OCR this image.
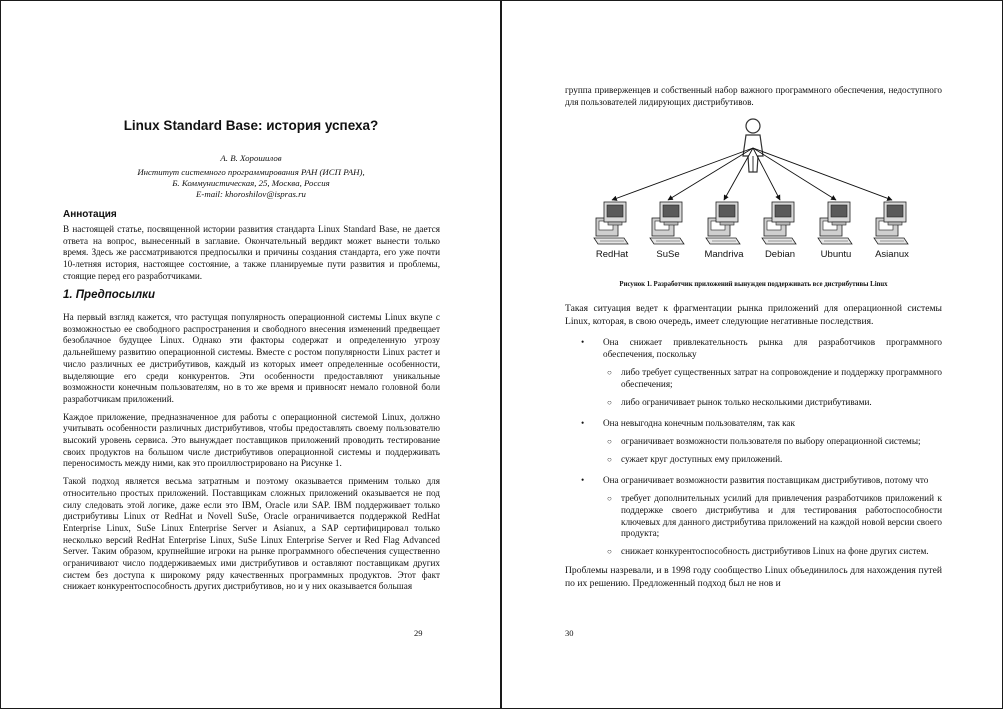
Linux Standard Base: история успеха?
А. В. Хорошилов
Институт системного программирования РАН (ИСП РАН),
Б. Коммунистическая, 25, Москва, Россия
E-mail: khoroshilov@ispras.ru
Аннотация
В настоящей статье, посвященной истории развития стандарта Linux Standard Base, не дается ответа на вопрос, вынесенный в заглавие. Окончательный вердикт может вынести только время. Здесь же рассматриваются предпосылки и причины создания стандарта, его уже почти 10-летняя история, настоящее состояние, а также планируемые пути развития и проблемы, стоящие перед его разработчиками.
1. Предпосылки

На первый взгляд кажется, что растущая популярность операционной системы Linux вкупе с возможностью ее свободного распространения и свободного внесения изменений предвещает безоблачное будущее Linux. Однако эти факторы содержат и определенную угрозу дальнейшему развитию операционной системы. Вместе с ростом популярности Linux растет и число различных ее дистрибутивов, каждый из которых имеет определенные особенности, выделяющие его среди конкурентов. Эти особенности предоставляют уникальные возможности конечным пользователям, но в то же время и привносят немало головной боли разработчикам приложений.

Каждое приложение, предназначенное для работы с операционной системой Linux, должно учитывать особенности различных дистрибутивов, чтобы предоставлять своему пользователю высокий уровень сервиса. Это вынуждает поставщиков приложений проводить тестирование своих продуктов на большом числе дистрибутивов операционной системы и поддерживать переносимость между ними, как это проиллюстрировано на Рисунке 1.

Такой подход является весьма затратным и поэтому оказывается применим только для относительно простых приложений. Поставщикам сложных приложений оказывается не под силу следовать этой логике, даже если это IBM, Oracle или SAP. IBM поддерживает только дистрибутивы Linux от RedHat и Novell SuSe, Oracle ограничивается поддержкой RedHat Enterprise Linux, SuSe Linux Enterprise Server и Asianux, а SAP сертифицировал только несколько версий RedHat Enterprise Linux, SuSe Linux Enterprise Server и Red Flag Advanced Server. Таким образом, крупнейшие игроки на рынке программного обеспечения существенно ограничивают число поддерживаемых ими дистрибутивов и оставляют поставщикам других систем без доступа к широкому ряду качественных программных продуктов. Этот факт снижает конкурентоспособность других дистрибутивов, но и у них оказывается большая

29
группа приверженцев и собственный набор важного программного обеспечения, недоступного для пользователей лидирующих дистрибутивов.
RedHat	SuSe	Mandriva Debian	Ubuntu	Asianux
Рисунок 1. Разработчик приложений вынужден поддерживать все дистрибутивы Linux
Такая ситуация ведет к фрагментации рынка приложений для операционной системы Linux, которая, в свою очередь, имеет следующие негативные последствия.
• Она снижает привлекательность рынка для разработчиков программного обеспечения, поскольку
○ либо требует существенных затрат на сопровождение и поддержку программного обеспечения;
○ либо ограничивает рынок только несколькими дистрибутивами.
• Она невыгодна конечным пользователям, так как
○ ограничивает возможности пользователя по выбору операционной системы;
○ сужает круг доступных ему приложений.
• Она ограничивает возможности развития поставщикам дистрибутивов, потому что
○ требует дополнительных усилий для привлечения разработчиков приложений к поддержке своего дистрибутива и для тестирования работоспособности ключевых для данного дистрибутива приложений на каждой новой версии своего продукта;
○ снижает конкурентоспособность дистрибутивов Linux на фоне других систем.
Проблемы назревали, и в 1998 году сообщество Linux объединилось для нахождения путей по их решению. Предложенный подход был не нов и
30
